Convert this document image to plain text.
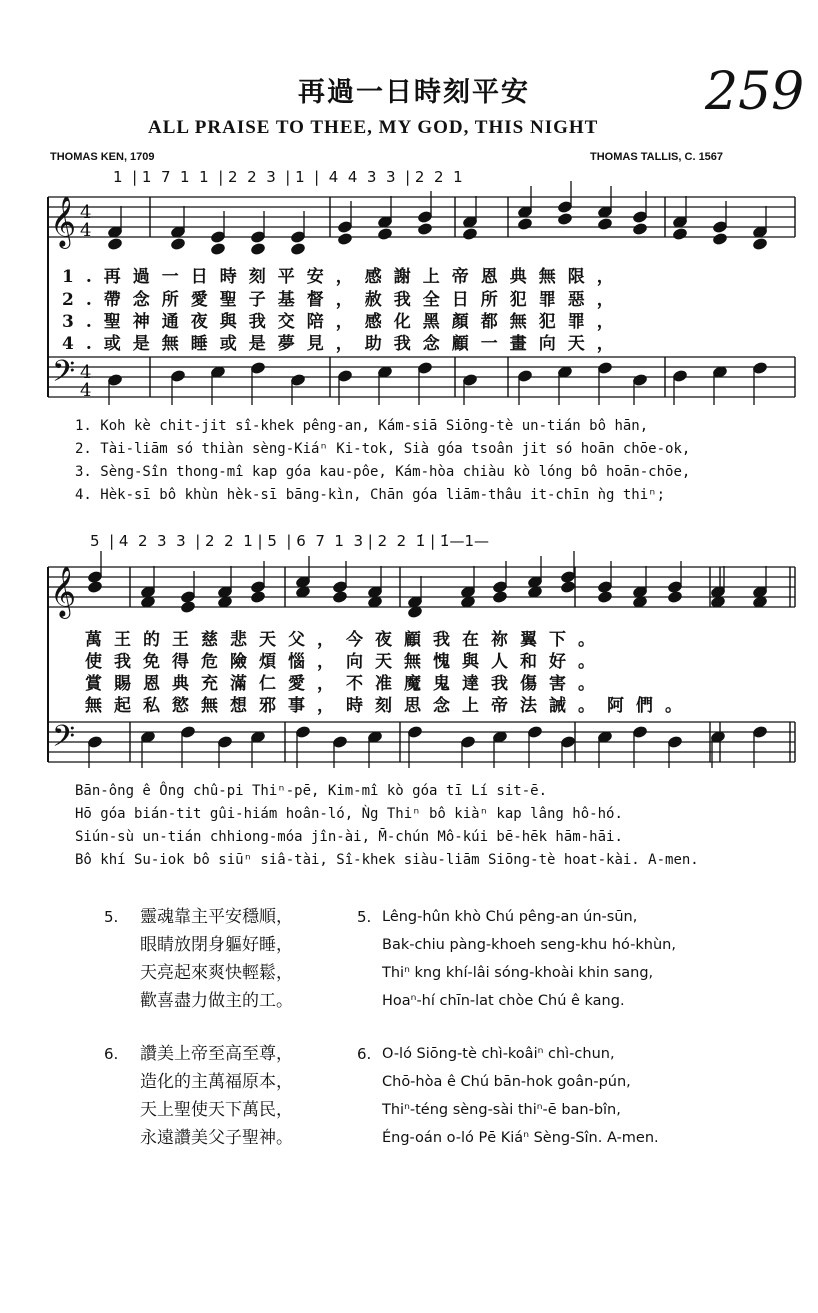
再過一日時刻平安	259
ALL PRAISE TO THEE, MY GOD, THIS NIGHT
THOMAS KEN, 1709	THOMAS TALLIS, C. 1567
1  | 1  7  1  1  | 2  2  3  | 1  |  4  4  3  3  | 2  2  1
5  | 4  2  3  3  | 2  2  1 | 5  | 6  7  1  3 | 2  2  1̇ | 1̇—1—
𝄞
𝄢
4
4
4
4
𝄞
𝄢
1.再過一日時刻平安，感謝上帝恩典無限，
2.帶念所愛聖子基督，赦我全日所犯罪惡，
3.聖神通夜與我交陪，感化黑顏都無犯罪，
4.或是無睡或是夢見，助我念顧一畫向天，
1. Koh kè chit-jit sî-khek pêng-an, Kám-siā Siōng-tè un-tián bô hān,
2. Tài-liām só thiàn sèng-Kiáⁿ Ki-tok, Sià góa tsoân jit só hoān chōe-ok,
3. Sèng-Sîn thong-mî kap góa kau-pôe, Kám-hòa chiàu kò lóng bô hoān-chōe,
4. Hèk-sī bô khùn hèk-sī bāng-kìn, Chān góa liām-thâu it-chīn ǹg thiⁿ;
萬王的王慈悲天父，今夜顧我在祢翼下。
使我免得危險煩惱，向天無愧與人和好。
賞賜恩典充滿仁愛，不准魔鬼達我傷害。
無起私慾無想邪事，時刻思念上帝法誡。阿們。
Bān-ông ê Ông chû-pi Thiⁿ-pē, Kim-mî kò góa tī Lí sit-ē.
Hō góa bián-tit gûi-hiám hoân-ló, Ǹg Thiⁿ bô kiàⁿ kap lâng hô-hó.
Siún-sù un-tián chhiong-móa jîn-ài, M̄-chún Mô-kúi bē-hēk hām-hāi.
Bô khí Su-iok bô siūⁿ siâ-tài, Sî-khek siàu-liām Siōng-tè hoat-kài. A-men.
5. 靈魂靠主平安穩順，
眼睛放閉身軀好睡，
天亮起來爽快輕鬆，
歡喜盡力做主的工。
5. Lêng-hûn khò Chú pêng-an ún-sūn,
Bak-chiu pàng-khoeh seng-khu hó-khùn,
Thiⁿ kng khí-lâi sóng-khoài khin sang,
Hoaⁿ-hí chīn-lat chòe Chú ê kang.
6. 讚美上帝至高至尊，
造化的主萬福原本，
天上聖使天下萬民，
永遠讚美父子聖神。
6. O-ló Siōng-tè chì-koâiⁿ chì-chun,
Chō-hòa ê Chú bān-hok goân-pún,
Thiⁿ-téng sèng-sài thiⁿ-ē ban-bîn,
Éng-oán o-ló Pē Kiáⁿ Sèng-Sîn. A-men.
